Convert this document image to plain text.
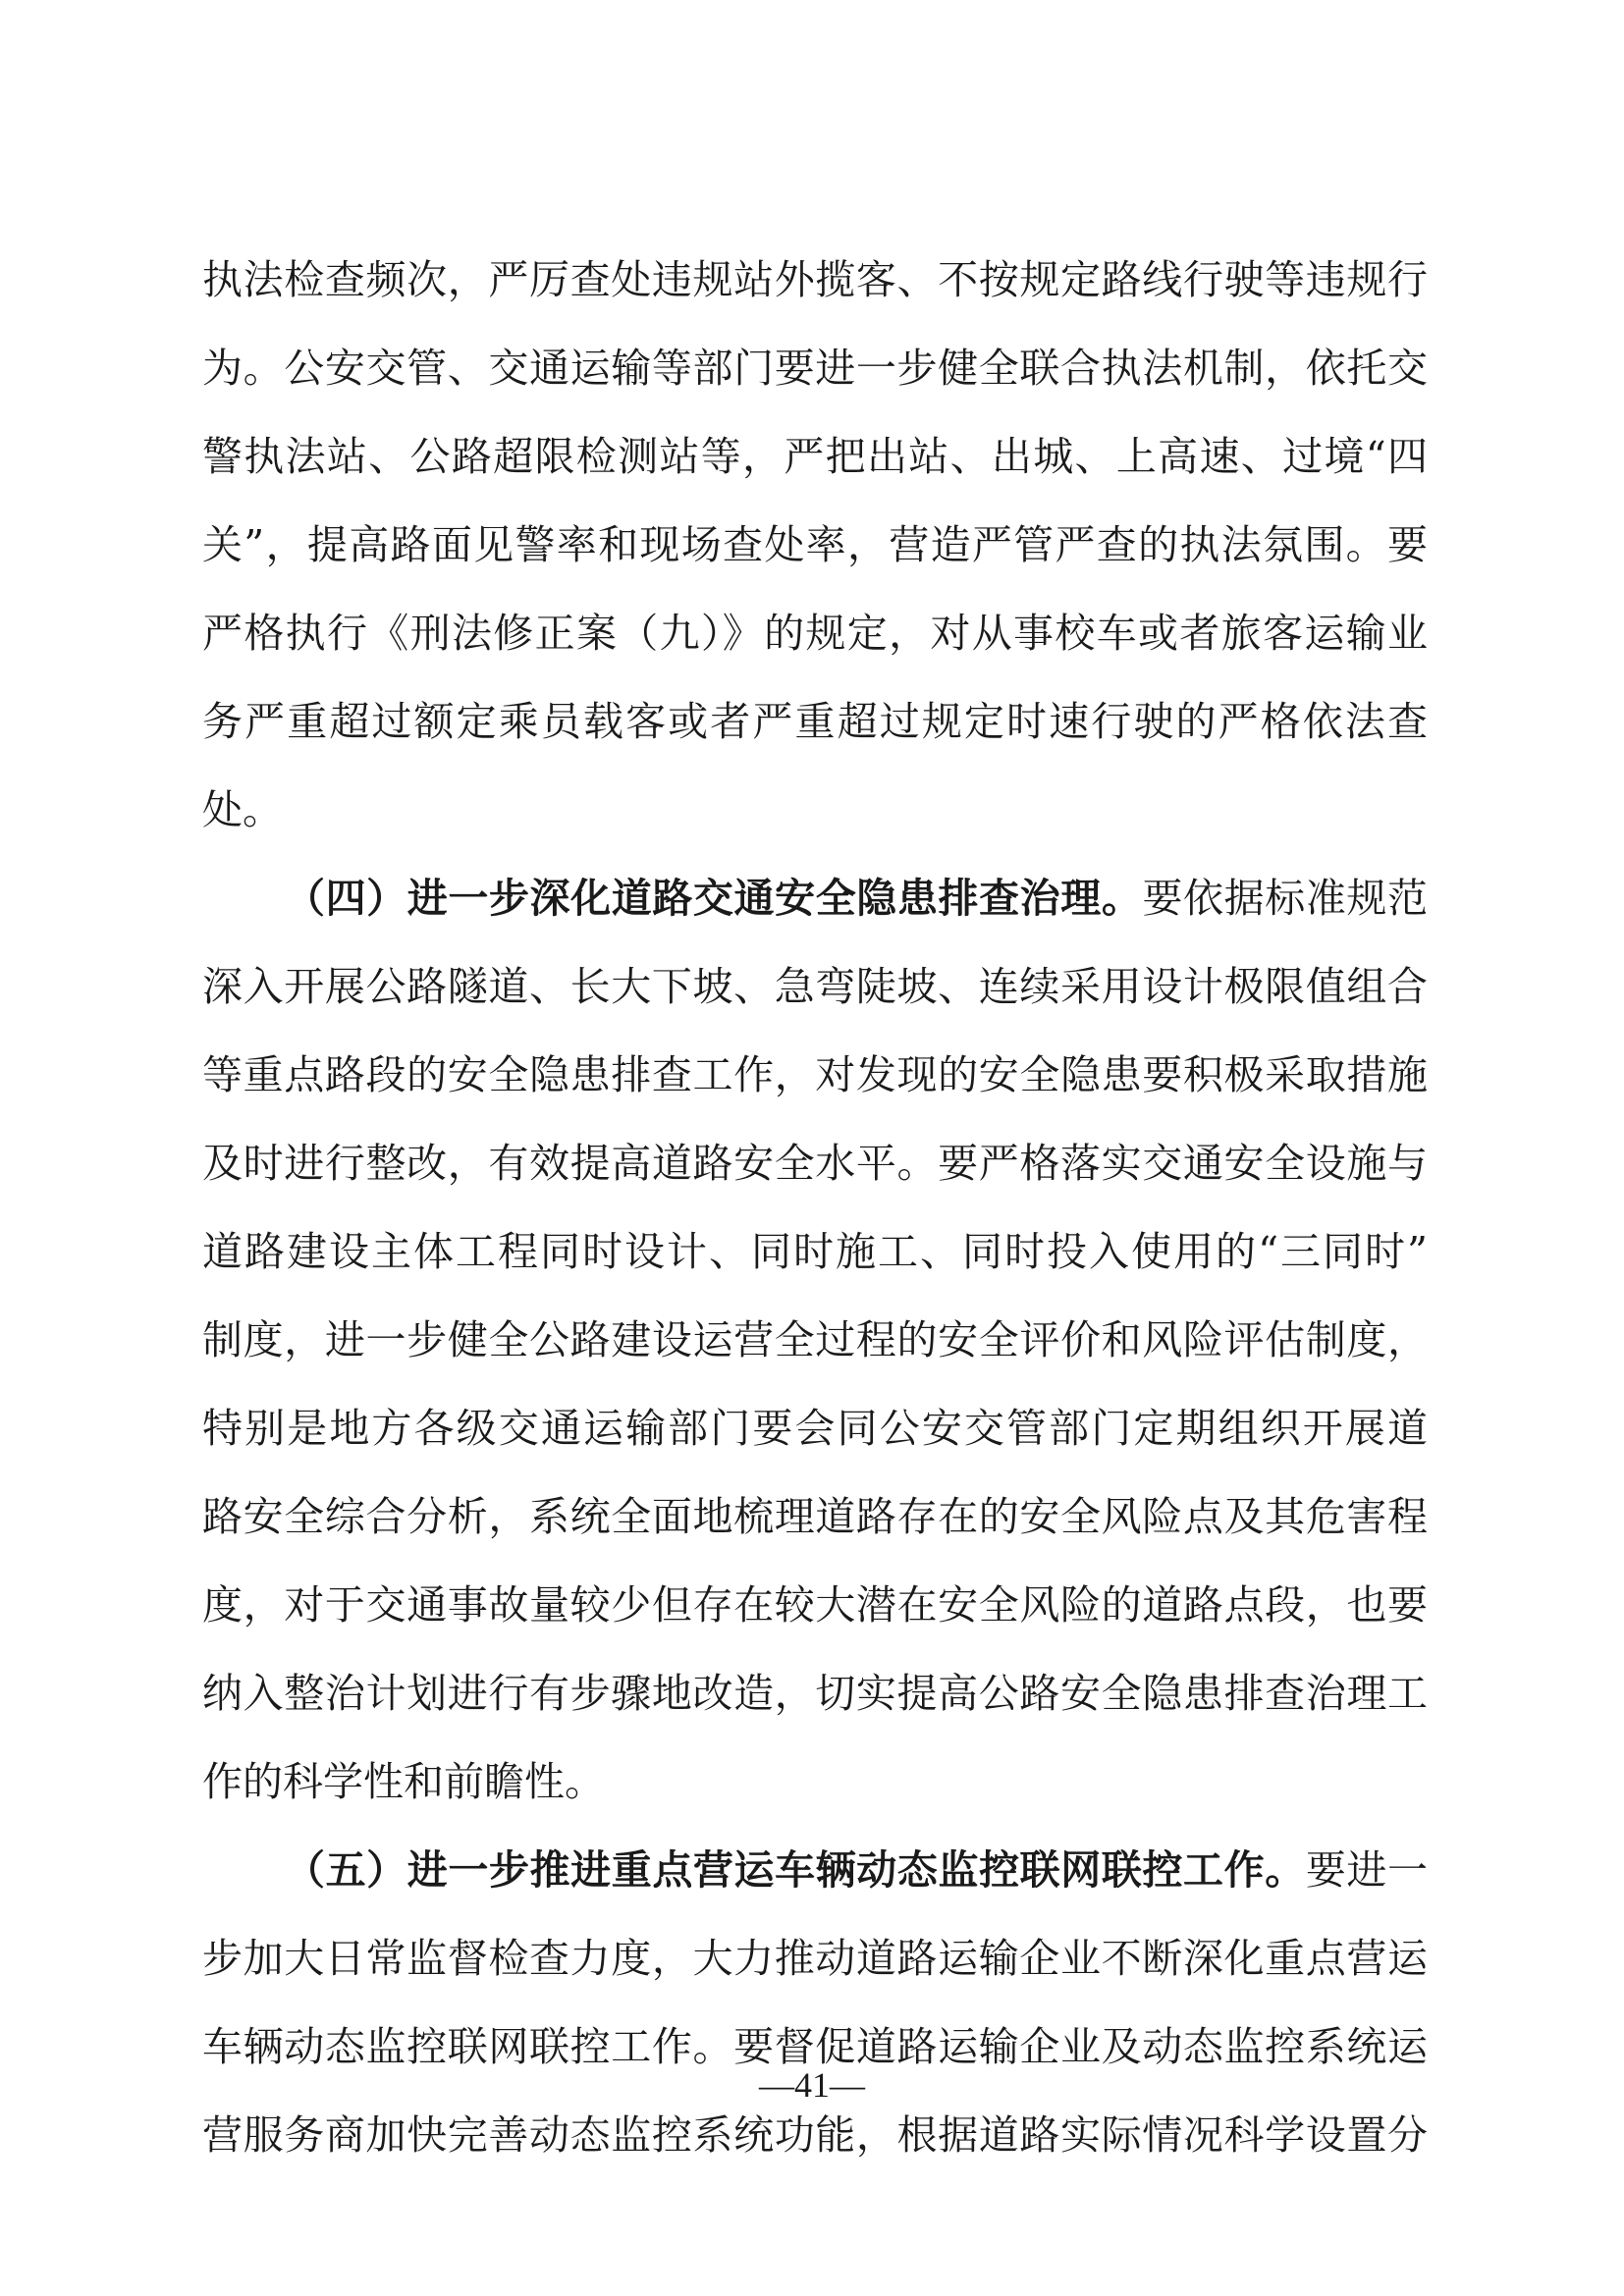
执法检查频次，严厉查处违规站外揽客、不按规定路线行驶等违规行
为。公安交管、交通运输等部门要进一步健全联合执法机制，依托交
警执法站、公路超限检测站等，严把出站、出城、上高速、过境“四
关”，提高路面见警率和现场查处率，营造严管严查的执法氛围。要
严格执行《刑法修正案（九）》的规定，对从事校车或者旅客运输业
务严重超过额定乘员载客或者严重超过规定时速行驶的严格依法查
处。
（四）进一步深化道路交通安全隐患排查治理。要依据标准规范
深入开展公路隧道、长大下坡、急弯陡坡、连续采用设计极限值组合
等重点路段的安全隐患排查工作，对发现的安全隐患要积极采取措施
及时进行整改，有效提高道路安全水平。要严格落实交通安全设施与
道路建设主体工程同时设计、同时施工、同时投入使用的“三同时”
制度，进一步健全公路建设运营全过程的安全评价和风险评估制度，
特别是地方各级交通运输部门要会同公安交管部门定期组织开展道
路安全综合分析，系统全面地梳理道路存在的安全风险点及其危害程
度，对于交通事故量较少但存在较大潜在安全风险的道路点段，也要
纳入整治计划进行有步骤地改造，切实提高公路安全隐患排查治理工
作的科学性和前瞻性。
（五）进一步推进重点营运车辆动态监控联网联控工作。要进一
步加大日常监督检查力度，大力推动道路运输企业不断深化重点营运
车辆动态监控联网联控工作。要督促道路运输企业及动态监控系统运
营服务商加快完善动态监控系统功能，根据道路实际情况科学设置分
—41—
